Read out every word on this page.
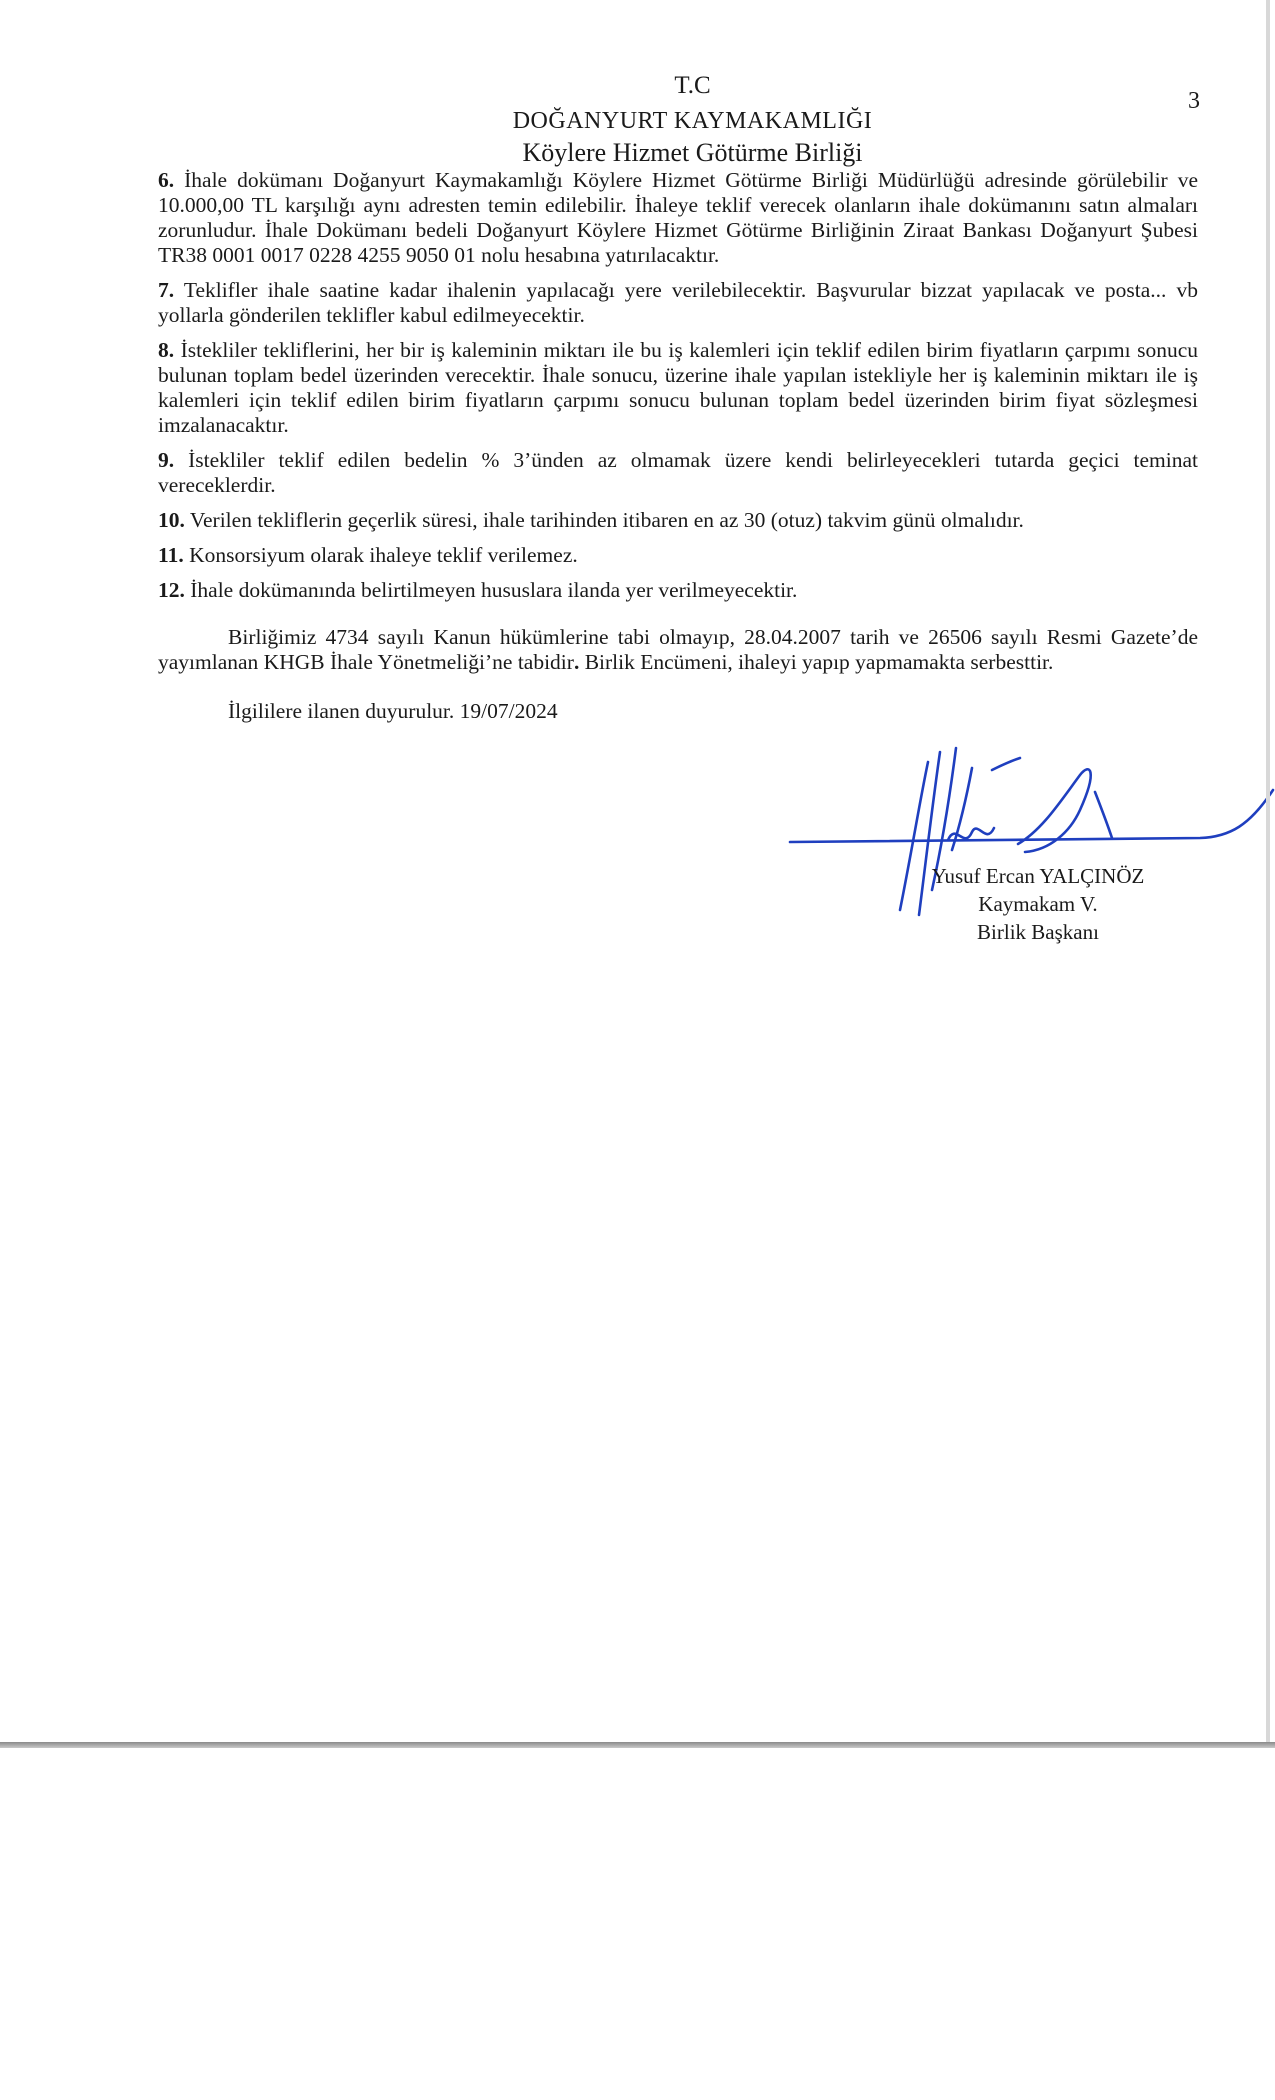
T.C
DOĞANYURT KAYMAKAMLIĞI
Köylere Hizmet Götürme Birliği
3

6. İhale dokümanı Doğanyurt Kaymakamlığı Köylere Hizmet Götürme Birliği Müdürlüğü adresinde görülebilir ve 10.000,00 TL karşılığı aynı adresten temin edilebilir. İhaleye teklif verecek olanların ihale dokümanını satın almaları zorunludur. İhale Dokümanı bedeli Doğanyurt Köylere Hizmet Götürme Birliğinin Ziraat Bankası Doğanyurt Şubesi TR38 0001 0017 0228 4255 9050 01 nolu hesabına yatırılacaktır.

7. Teklifler ihale saatine kadar ihalenin yapılacağı yere verilebilecektir. Başvurular bizzat yapılacak ve posta... vb yollarla gönderilen teklifler kabul edilmeyecektir.

8. İstekliler tekliflerini, her bir iş kaleminin miktarı ile bu iş kalemleri için teklif edilen birim fiyatların çarpımı sonucu bulunan toplam bedel üzerinden verecektir. İhale sonucu, üzerine ihale yapılan istekliyle her iş kaleminin miktarı ile iş kalemleri için teklif edilen birim fiyatların çarpımı sonucu bulunan toplam bedel üzerinden birim fiyat sözleşmesi imzalanacaktır.

9. İstekliler teklif edilen bedelin % 3’ünden az olmamak üzere kendi belirleyecekleri tutarda geçici teminat vereceklerdir.

10. Verilen tekliflerin geçerlik süresi, ihale tarihinden itibaren en az 30 (otuz) takvim günü olmalıdır.

11. Konsorsiyum olarak ihaleye teklif verilemez.

12. İhale dokümanında belirtilmeyen hususlara ilanda yer verilmeyecektir.

Birliğimiz 4734 sayılı Kanun hükümlerine tabi olmayıp, 28.04.2007 tarih ve 26506 sayılı Resmi Gazete’de yayımlanan KHGB İhale Yönetmeliği’ne tabidir. Birlik Encümeni, ihaleyi yapıp yapmamakta serbesttir.

İlgililere ilanen duyurulur. 19/07/2024

Yusuf Ercan YALÇINÖZ
Kaymakam V.
Birlik Başkanı
